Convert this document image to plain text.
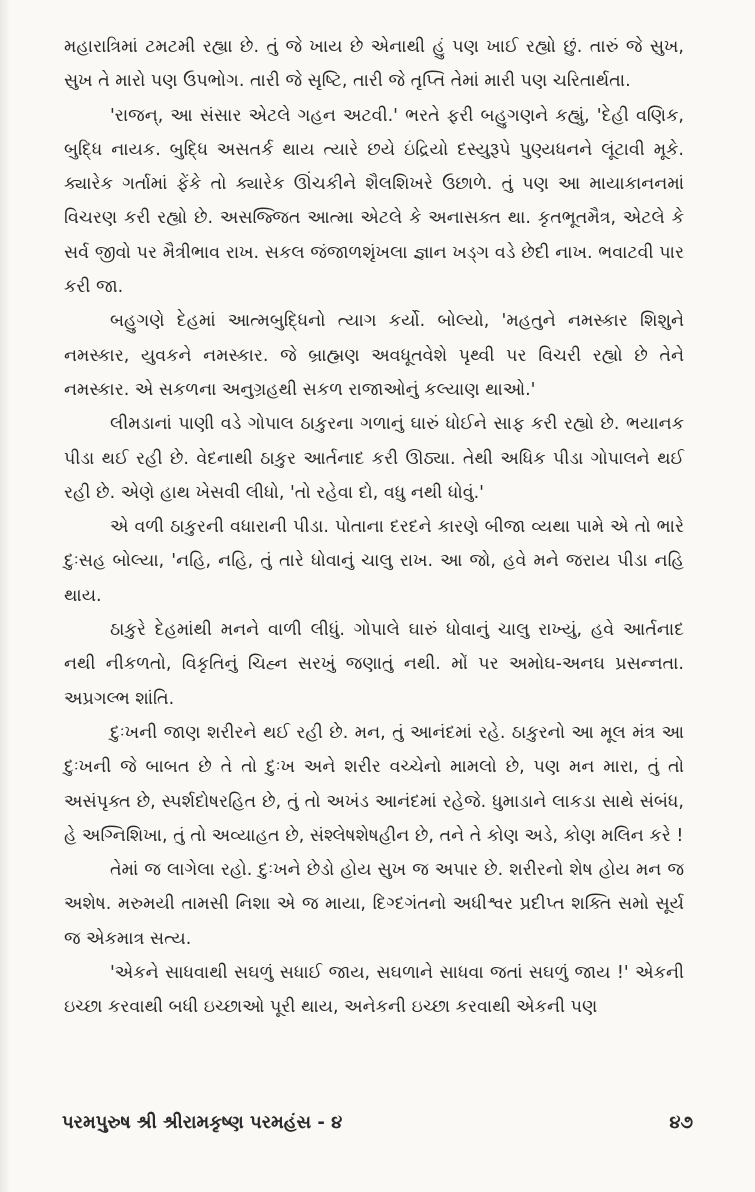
મહારાત્રિમાં ટમટમી રહ્યા છે. તું જે ખાય છે એનાથી હું પણ ખાઈ રહ્યો છું. તારું જે સુખ, સુખ તે મારો પણ ઉપભોગ. તારી જે સૃષ્ટિ, તારી જે તૃપ્તિ તેમાં મારી પણ ચરિતાર્થતા.

'રાજન્, આ સંસાર એટલે ગહન અટવી.' ભરતે ફરી બહુગણને કહ્યું, 'દેહી વણિક, બુદ્ધિ નાયક. બુદ્ધિ અસતર્ક થાય ત્યારે છયે ઇંદ્રિયો દસ્યુરૂપે પુણ્યધનને લૂંટાવી મૂકે. ક્યારેક ગર્તામાં ફેંકે તો ક્યારેક ઊંચકીને શૈલશિખરે ઉછાળે. તું પણ આ માયાકાનનમાં વિચરણ કરી રહ્યો છે. અસજ્જિત આત્મા એટલે કે અનાસક્ત થા. કૃતભૂતમૈત્ર, એટલે કે સર્વ જીવો પર મૈત્રીભાવ રાખ. સકલ જંજાળશૃંખલા જ્ઞાન ખડ્ગ વડે છેદી નાખ. ભવાટવી પાર કરી જા.

બહુગણે દેહમાં આત્મબુદ્ધિનો ત્યાગ કર્યો. બોલ્યો, 'મહતુને નમસ્કાર શિશુને નમસ્કાર, યુવકને નમસ્કાર. જે બ્રાહ્મણ અવધૂતવેશે પૃથ્વી પર વિચરી રહ્યો છે તેને નમસ્કાર. એ સકળના અનુગ્રહથી સકળ રાજાઓનું કલ્યાણ થાઓ.'

લીમડાનાં પાણી વડે ગોપાલ ઠાકુરના ગળાનું ઘારું ધોઈને સાફ કરી રહ્યો છે. ભયાનક પીડા થઈ રહી છે. વેદનાથી ઠાકુર આર્તનાદ કરી ઊઠ્યા. તેથી અધિક પીડા ગોપાલને થઈ રહી છે. એણે હાથ ખેસવી લીધો, 'તો રહેવા દો, વધુ નથી ધોવું.'

એ વળી ઠાકુરની વધારાની પીડા. પોતાના દરદને કારણે બીજા વ્યથા પામે એ તો ભારે દુઃસહ બોલ્યા, 'નહિ, નહિ, તું તારે ધોવાનું ચાલુ રાખ. આ જો, હવે મને જરાય પીડા નહિ થાય.

ઠાકુરે દેહમાંથી મનને વાળી લીધું. ગોપાલે ઘારું ધોવાનું ચાલુ રાખ્યું, હવે આર્તનાદ નથી નીકળતો, વિકૃતિનું ચિહ્ન સરખું જણાતું નથી. મોં પર અમોઘ-અનઘ પ્રસન્નતા. અપ્રગલ્ભ શાંતિ.

દુઃખની જાણ શરીરને થઈ રહી છે. મન, તું આનંદમાં રહે. ઠાકુરનો આ મૂલ મંત્ર આ દુઃખની જે બાબત છે તે તો દુઃખ અને શરીર વચ્ચેનો મામલો છે, પણ મન મારા, તું તો અસંપૃક્ત છે, સ્પર્શદોષરહિત છે, તું તો અખંડ આનંદમાં રહેજે. ધુમાડાને લાકડા સાથે સંબંધ, હે અગ્નિશિખા, તું તો અવ્યાહત છે, સંશ્લેષશેષહીન છે, તને તે કોણ અડે, કોણ મલિન કરે !

તેમાં જ લાગેલા રહો. દુઃખને છેડો હોય સુખ જ અપાર છે. શરીરનો શેષ હોય મન જ અશેષ. મરુમયી તામસી નિશા એ જ માયા, દિગ્દગંતનો અધીશ્વર પ્રદીપ્ત શક્તિ સમો સૂર્ય જ એકમાત્ર સત્ય.

'એકને સાધવાથી સઘળું સધાઈ જાય, સઘળાને સાધવા જતાં સઘળું જાય !' એકની ઇચ્છા કરવાથી બધી ઇચ્છાઓ પૂરી થાય, અનેકની ઇચ્છા કરવાથી એકની પણ

પરમપુરુષ શ્રી શ્રીરામકૃષ્ણ પરમહંસ - ૪	૪૭
